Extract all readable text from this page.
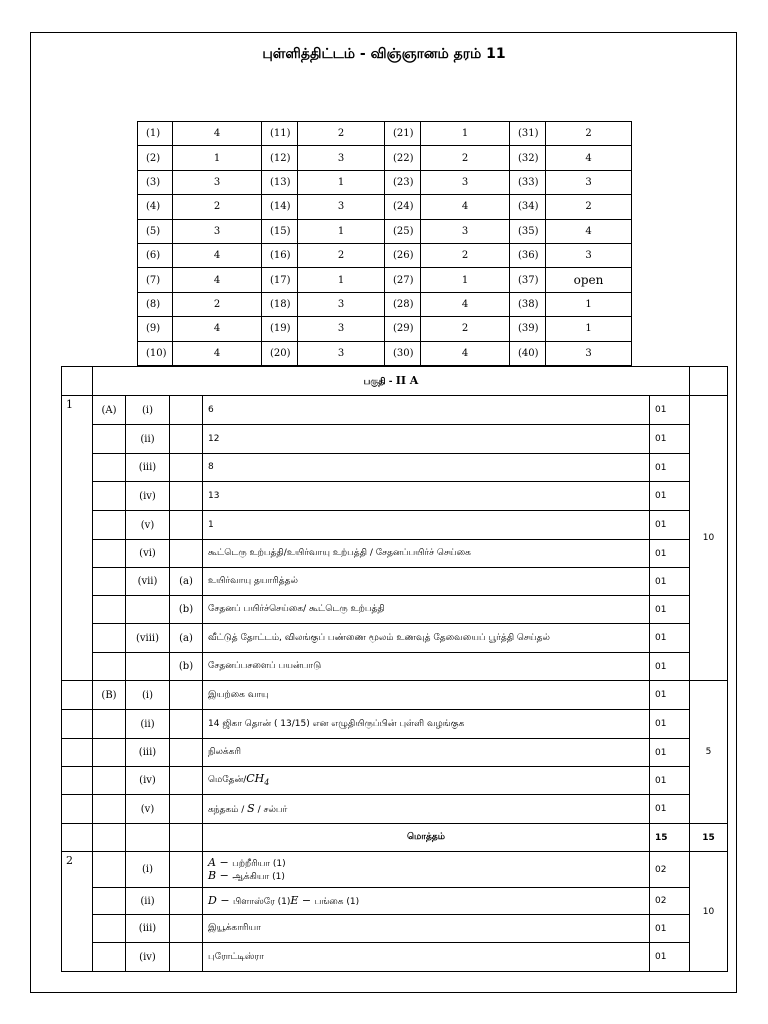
புள்ளித்திட்டம் - விஞ்ஞானம் தரம் 11
(1)	4	(11)	2	(21)	1	(31)	2
(2)	1	(12)	3	(22)	2	(32)	4
(3)	3	(13)	1	(23)	3	(33)	3
(4)	2	(14)	3	(24)	4	(34)	2
(5)	3	(15)	1	(25)	3	(35)	4
(6)	4	(16)	2	(26)	2	(36)	3
(7)	4	(17)	1	(27)	1	(37)	open
(8)	2	(18)	3	(28)	4	(38)	1
(9)	4	(19)	3	(29)	2	(39)	1
(10)	4	(20)	3	(30)	4	(40)	3
	பகுதி - II A					
1	(A)	(i)		6	01	10
		(ii)		12	01	
		(iii)		8	01	
		(iv)		13	01	
		(v)		1	01	
		(vi)		கூட்டெரு உற்பத்தி/உயிர்வாயு உற்பத்தி / சேதனப்பயிர்ச் செய்கை	01	
		(vii)	(a)	உயிர்வாயு தயாரித்தல்	01	
			(b)	சேதனப் பயிர்ச்செய்கை/ கூட்டெரு உற்பத்தி	01	
		(viii)	(a)	வீட்டுத் தோட்டம், விலங்குப் பண்ணை மூலம் உணவுத் தேவையைப் பூர்த்தி செய்தல்	01	
			(b)	சேதனப்பசளைப் பயன்பாடு	01	
	(B)	(i)		இயற்கை வாயு	01	5
		(ii)		14 ஜிகா தொன் ( 13/15) என எழுதியிருப்பின் புள்ளி வழங்குக	01	
		(iii)		நிலக்கரி	01	
		(iv)		$மெதேன்/CH_4$	01	
		(v)		கந்தகம் / S / சல்பர்	01	
				மொத்தம்	15	15
2		(i)		A − பற்றீரியா (1)
B − ஆக்கியா (1)	02	10
		(ii)		D − பிளாஸ்ரே (1)E − பங்கை (1)	02	
		(iii)		இயூக்காரியா	01	
		(iv)		புரோட்டிஸ்ரா	01	
